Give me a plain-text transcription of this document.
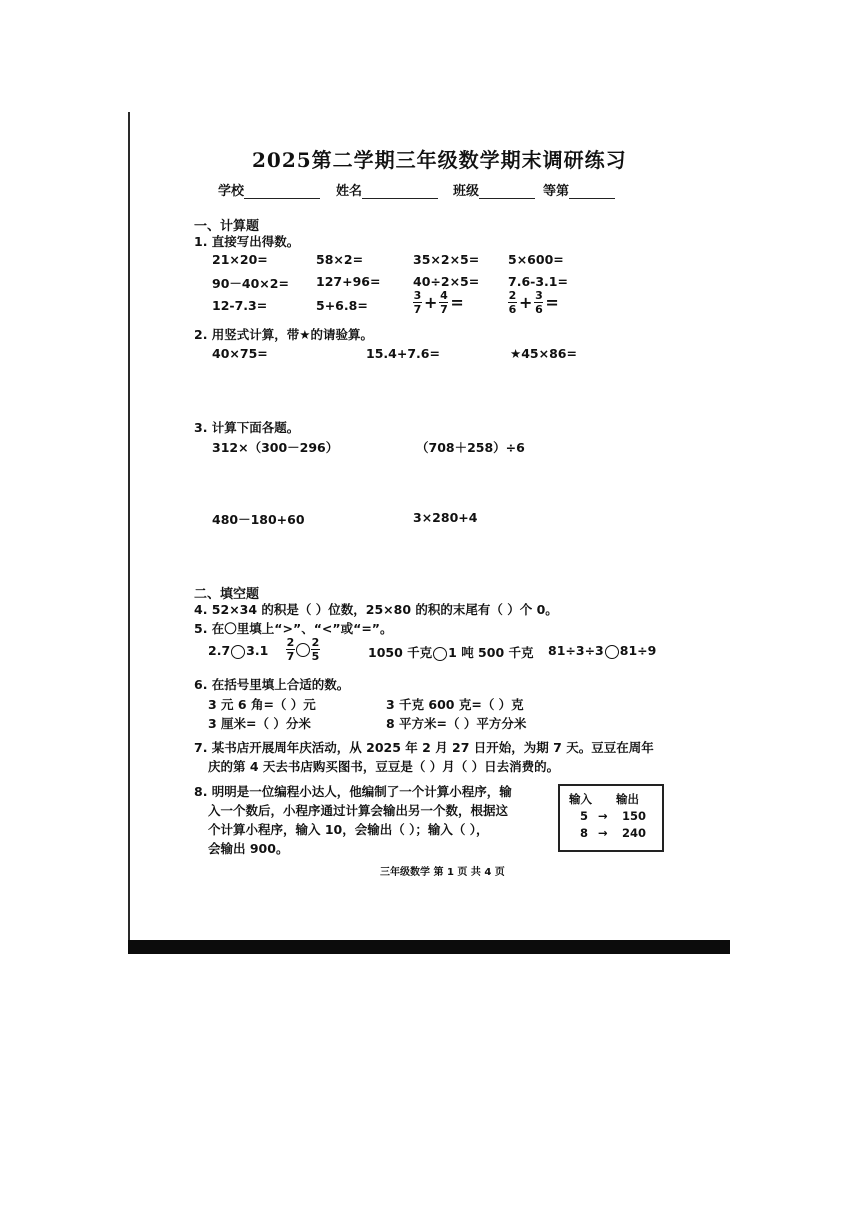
2025第二学期三年级数学期末调研练习
学校	姓名	班级	等第
一、计算题
1. 直接写出得数。
21×20=	58×2=	35×2×5= 5×600=
90－40×2= 127+96=	40÷2×5= 7.6-3.1=
12-7.3=	5+6.8=	$\frac{3}{7} + \frac{4}{7}$ =	$\frac{2}{6} + \frac{3}{6}$ =
2. 用竖式计算，带★的请验算。
40×75=	15.4+7.6=	★45×86=
3. 计算下面各题。
312×（300－296）	（708＋258）÷6
480－180+60	3×280+4
二、填空题
4. 52×34 的积是（ ）位数，25×80 的积的末尾有（ ）个 0。
5. 在〇里填上“>”、“<”或“=”。
2.7 $3.1 \frac{2}{7} \frac{2}{5}$	1050 千克 1 吨 500 千克 81÷3÷3 81÷9
6. 在括号里填上合适的数。
3 元 6 角=（ ）元	3 千克 600 克=（ ）克
3 厘米=（ ）分米	8 平方米=（ ）平方分米
7. 某书店开展周年庆活动，从 2025 年 2 月 27 日开始，为期 7 天。豆豆在周年
庆的第 4 天去书店购买图书，豆豆是（ ）月（ ）日去消费的。
8. 明明是一位编程小达人，他编制了一个计算小程序，输
入一个数后，小程序通过计算会输出另一个数，根据这
个计算小程序，输入 10，会输出（ ）；输入（ ），
会输出 900。
输入 输出
5 → 150
8 → 240
三年级数学 第 1 页 共 4 页
